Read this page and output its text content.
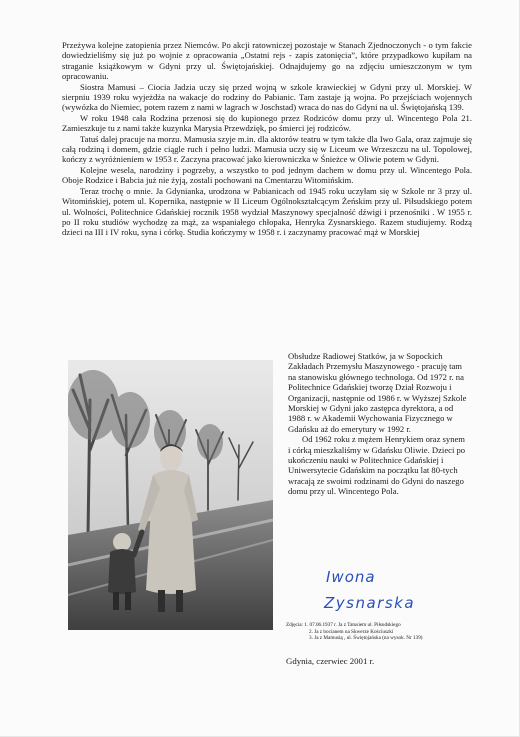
Przeżywa kolejne zatopienia przez Niemców. Po akcji ratowniczej pozostaje w Stanach Zjednoczonych - o tym fakcie dowiedzieliśmy się już po wojnie z opracowania „Ostatni rejs - zapis zatonięcia”, które przypadkowo kupiłam na straganie książkowym w Gdyni przy ul. Świętojańskiej. Odnajdujemy go na zdjęciu umieszczonym w tym opracowaniu.

Siostra Mamusi – Ciocia Jadzia uczy się przed wojną w szkole krawieckiej w Gdyni przy ul. Morskiej. W sierpniu 1939 roku wyjeżdża na wakacje do rodziny do Pabianic. Tam zastaje ją wojna. Po przejściach wojennych (wywózka do Niemiec, potem razem z nami w lagrach w Joschstad) wraca do nas do Gdyni na ul. Świętojańską 139.

W roku 1948 cała Rodzina przenosi się do kupionego przez Rodziców domu przy ul. Wincentego Pola 21. Zamieszkuje tu z nami także kuzynka Marysia Przewdzięk, po śmierci jej rodziców.

Tatuś dalej pracuje na morzu. Mamusia szyje m.in. dla aktorów teatru w tym także dla Iwo Gala, oraz zajmuje się całą rodziną i domem, gdzie ciągle ruch i pełno ludzi. Mamusia uczy się w Liceum we Wrzeszczu na ul. Topolowej, kończy z wyróżnieniem w 1953 r. Zaczyna pracować jako kierowniczka w Śnieżce w Oliwie potem w Gdyni.

Kolejne wesela, narodziny i pogrzeby, a wszystko to pod jednym dachem w domu przy ul. Wincentego Pola. Oboje Rodzice i Babcia już nie żyją, zostali pochowani na Cmentarzu Witomińskim.

Teraz trochę o mnie. Ja Gdynianka, urodzona w Pabianicach od 1945 roku uczyłam się w Szkole nr 3 przy ul. Witomińskiej, potem ul. Kopernika, następnie w II Liceum Ogólnokształcącym Żeńskim przy ul. Piłsudskiego potem ul. Wolności, Politechnice Gdańskiej rocznik 1958 wydział Maszynowy specjalność dźwigi i przenośniki . W 1955 r. po II roku studiów wychodzę za mąż, za wspaniałego chłopaka, Henryka Zysnarskiego. Razem studiujemy. Rodzą dzieci na III i IV roku, syna i córkę. Studia kończymy w 1958 r. i zaczynamy pracować mąż w Morskiej

Obsłudze Radiowej Statków, ja w Sopockich Zakładach Przemysłu Maszynowego - pracuję tam na stanowisku głównego technologa. Od 1972 r. na Politechnice Gdańskiej tworzę Dział Rozwoju i Organizacji, następnie od 1986 r. w Wyższej Szkole Morskiej w Gdyni jako zastępca dyrektora, a od 1988 r. w Akademii Wychowania Fizycznego w Gdańsku aż do emerytury w 1992 r.

Od 1962 roku z mężem Henrykiem oraz synem i córką mieszkaliśmy w Gdańsku Oliwie. Dzieci po ukończeniu nauki w Politechnice Gdańskiej i Uniwersytecie Gdańskim na początku lat 80-tych wracają ze swoimi rodzinami do Gdyni do naszego domu przy ul. Wincentego Pola.

Iwona
Zysnarska
Zdjęcia: 1. 07.06.1937 r. Ja z Tatusiem ul. Piłsudskiego
2. Ja z bocianem na Skwerze Kościuszki
3. Ja z Mamusią , ul. Świętojańska (na wysok. Nr 139)
Gdynia, czerwiec 2001 r.
